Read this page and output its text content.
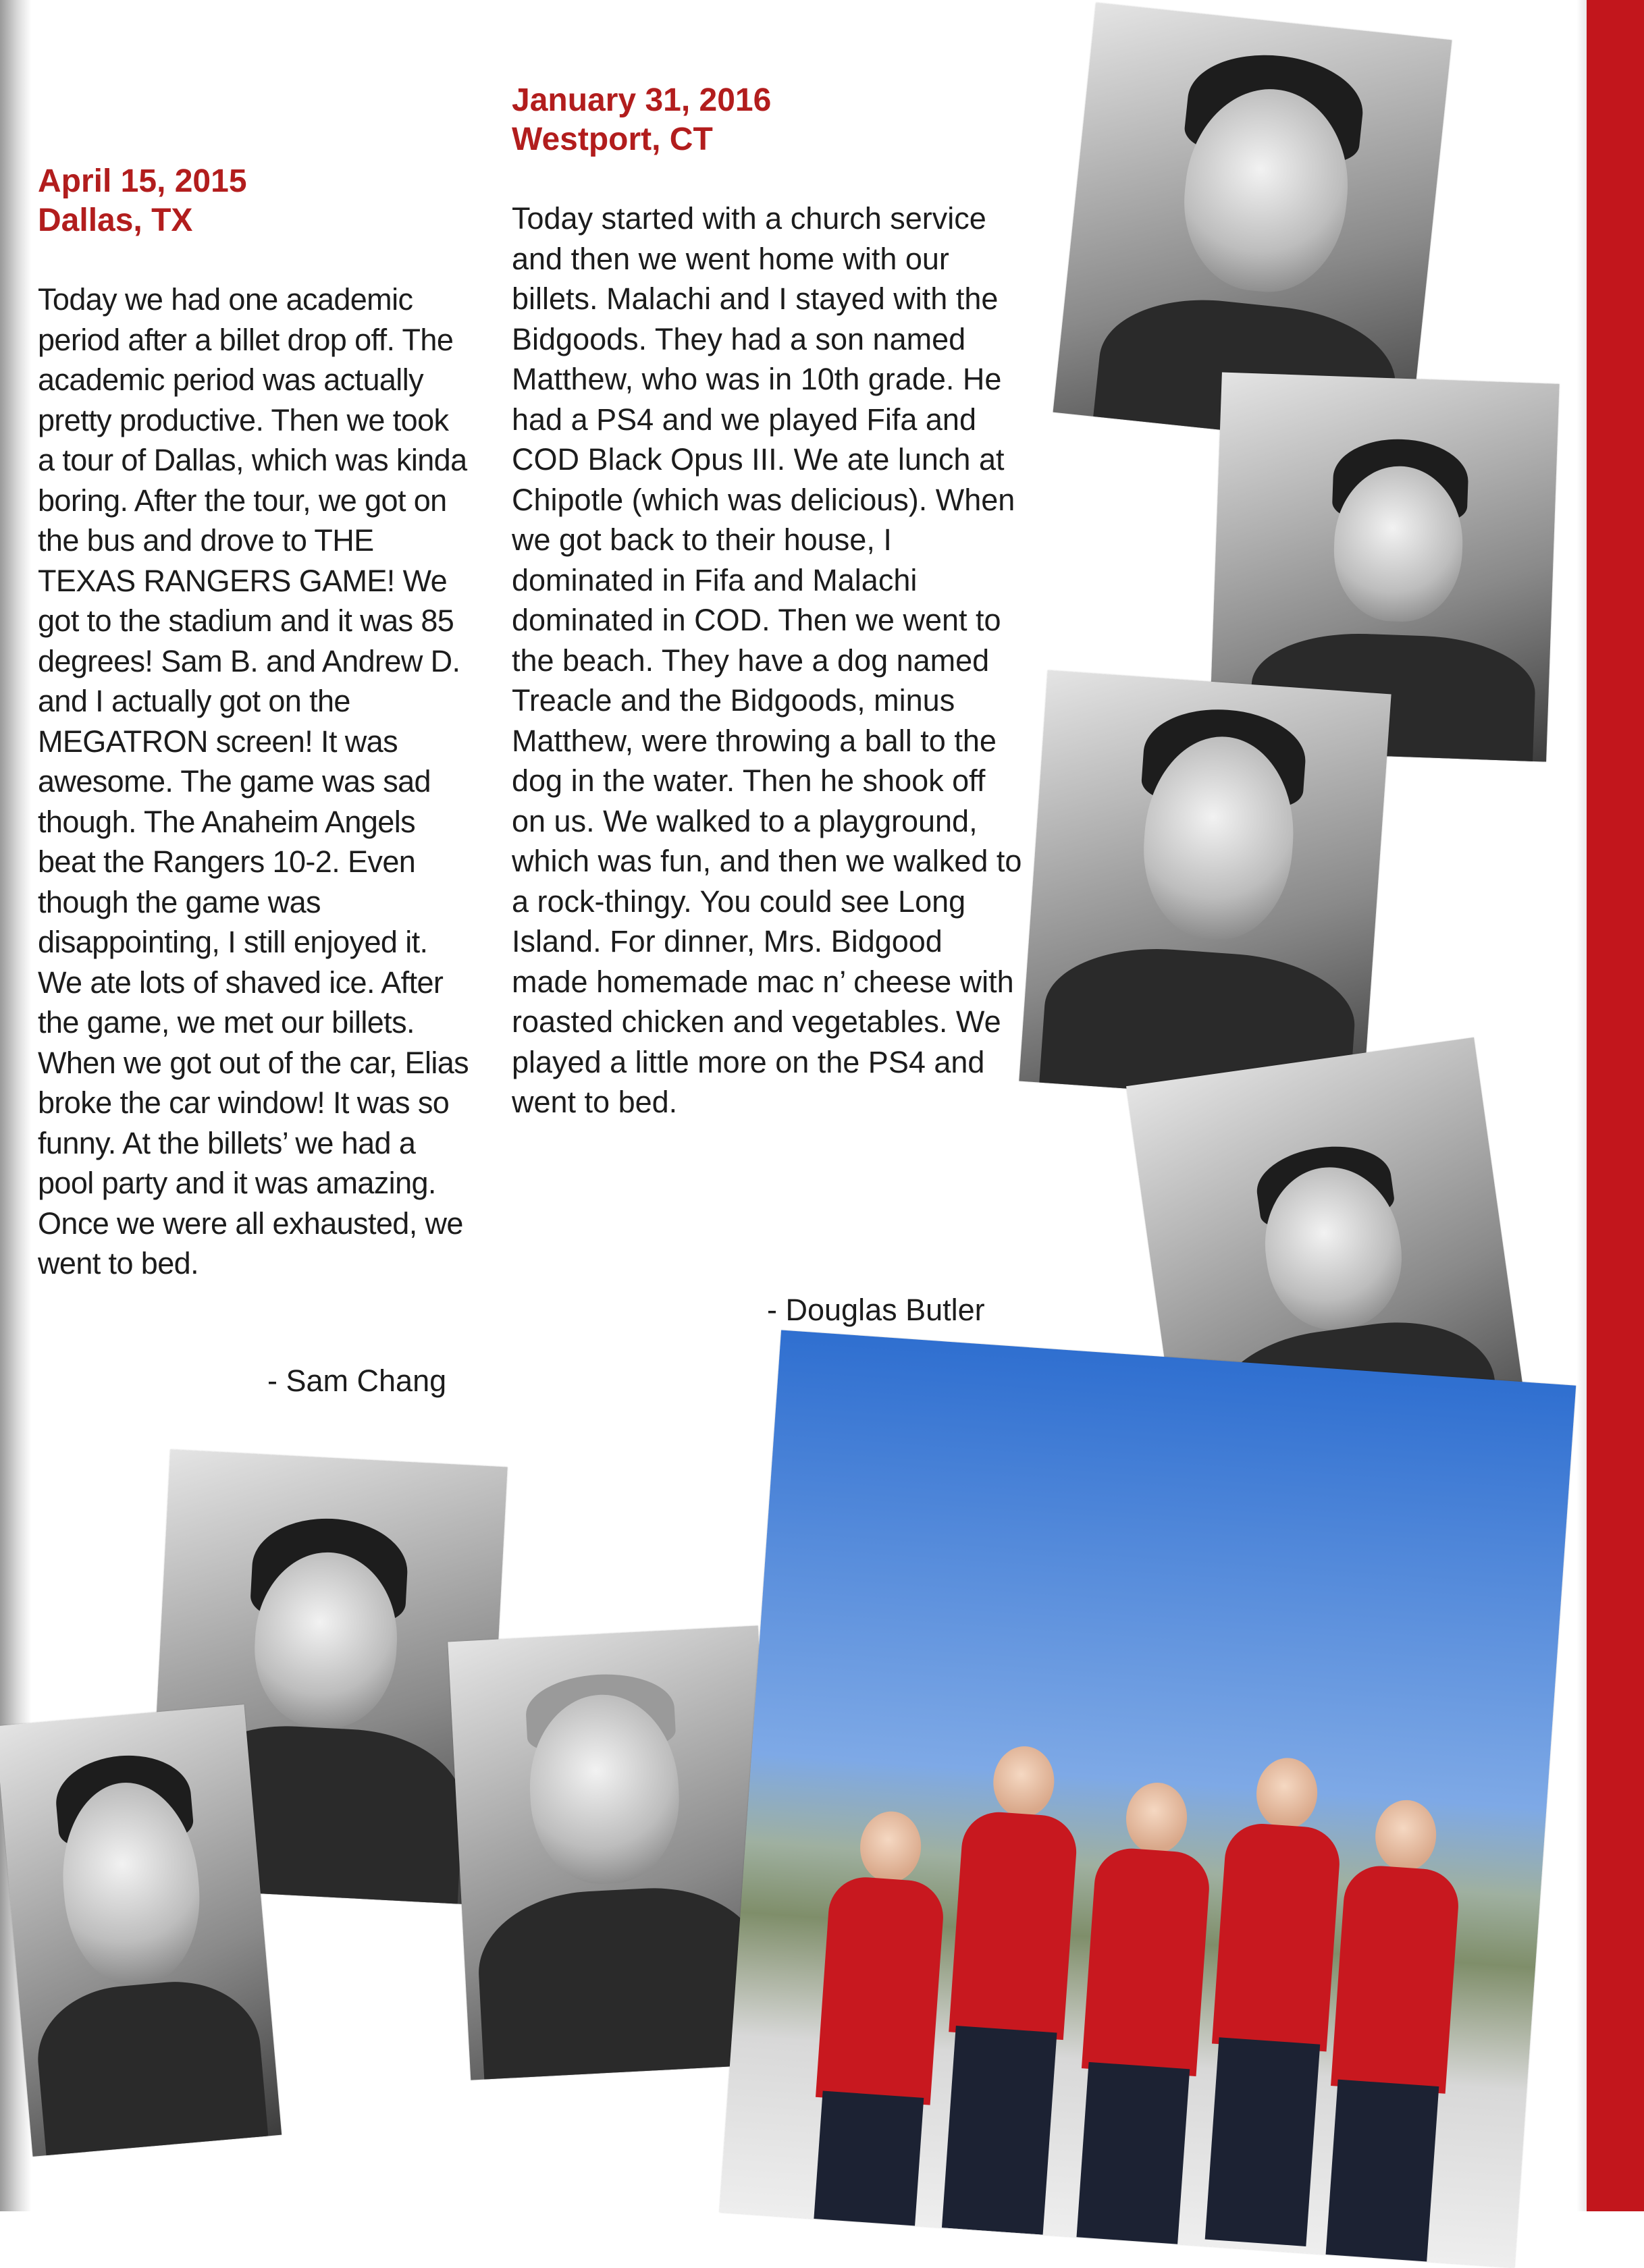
April 15, 2015

Dallas, TX

Today we had one academic period after a billet drop off. The academic period was actually pretty productive. Then we took a tour of Dallas, which was kinda boring. After the tour, we got on the bus and drove to THE TEXAS RANGERS GAME! We got to the stadium and it was 85 degrees! Sam B. and Andrew D. and I actually got on the MEGATRON screen! It was awesome. The game was sad though. The Anaheim Angels beat the Rangers 10-2. Even though the game was disappointing, I still enjoyed it. We ate lots of shaved ice. After the game, we met our billets. When we got out of the car, Elias broke the car window! It was so funny. At the billets’ we had a pool party and it was amazing. Once we were all exhausted, we went to bed.

- Sam Chang

January 31, 2016

Westport, CT

Today started with a church service and then we went home with our billets. Malachi and I stayed with the Bidgoods. They had a son named Matthew, who was in 10th grade. He had a PS4 and we played Fifa and COD Black Opus III. We ate lunch at Chipotle (which was delicious). When we got back to their house, I dominated in Fifa and Malachi dominated in COD. Then we went to the beach. They have a dog named Treacle and the Bidgoods, minus Matthew, were throwing a ball to the dog in the water. Then he shook off on us. We walked to a playground, which was fun, and then we walked to a rock-thingy. You could see Long Island. For dinner, Mrs. Bidgood made homemade mac n’ cheese with roasted chicken and vegetables. We played a little more on the PS4 and went to bed.

- Douglas Butler
